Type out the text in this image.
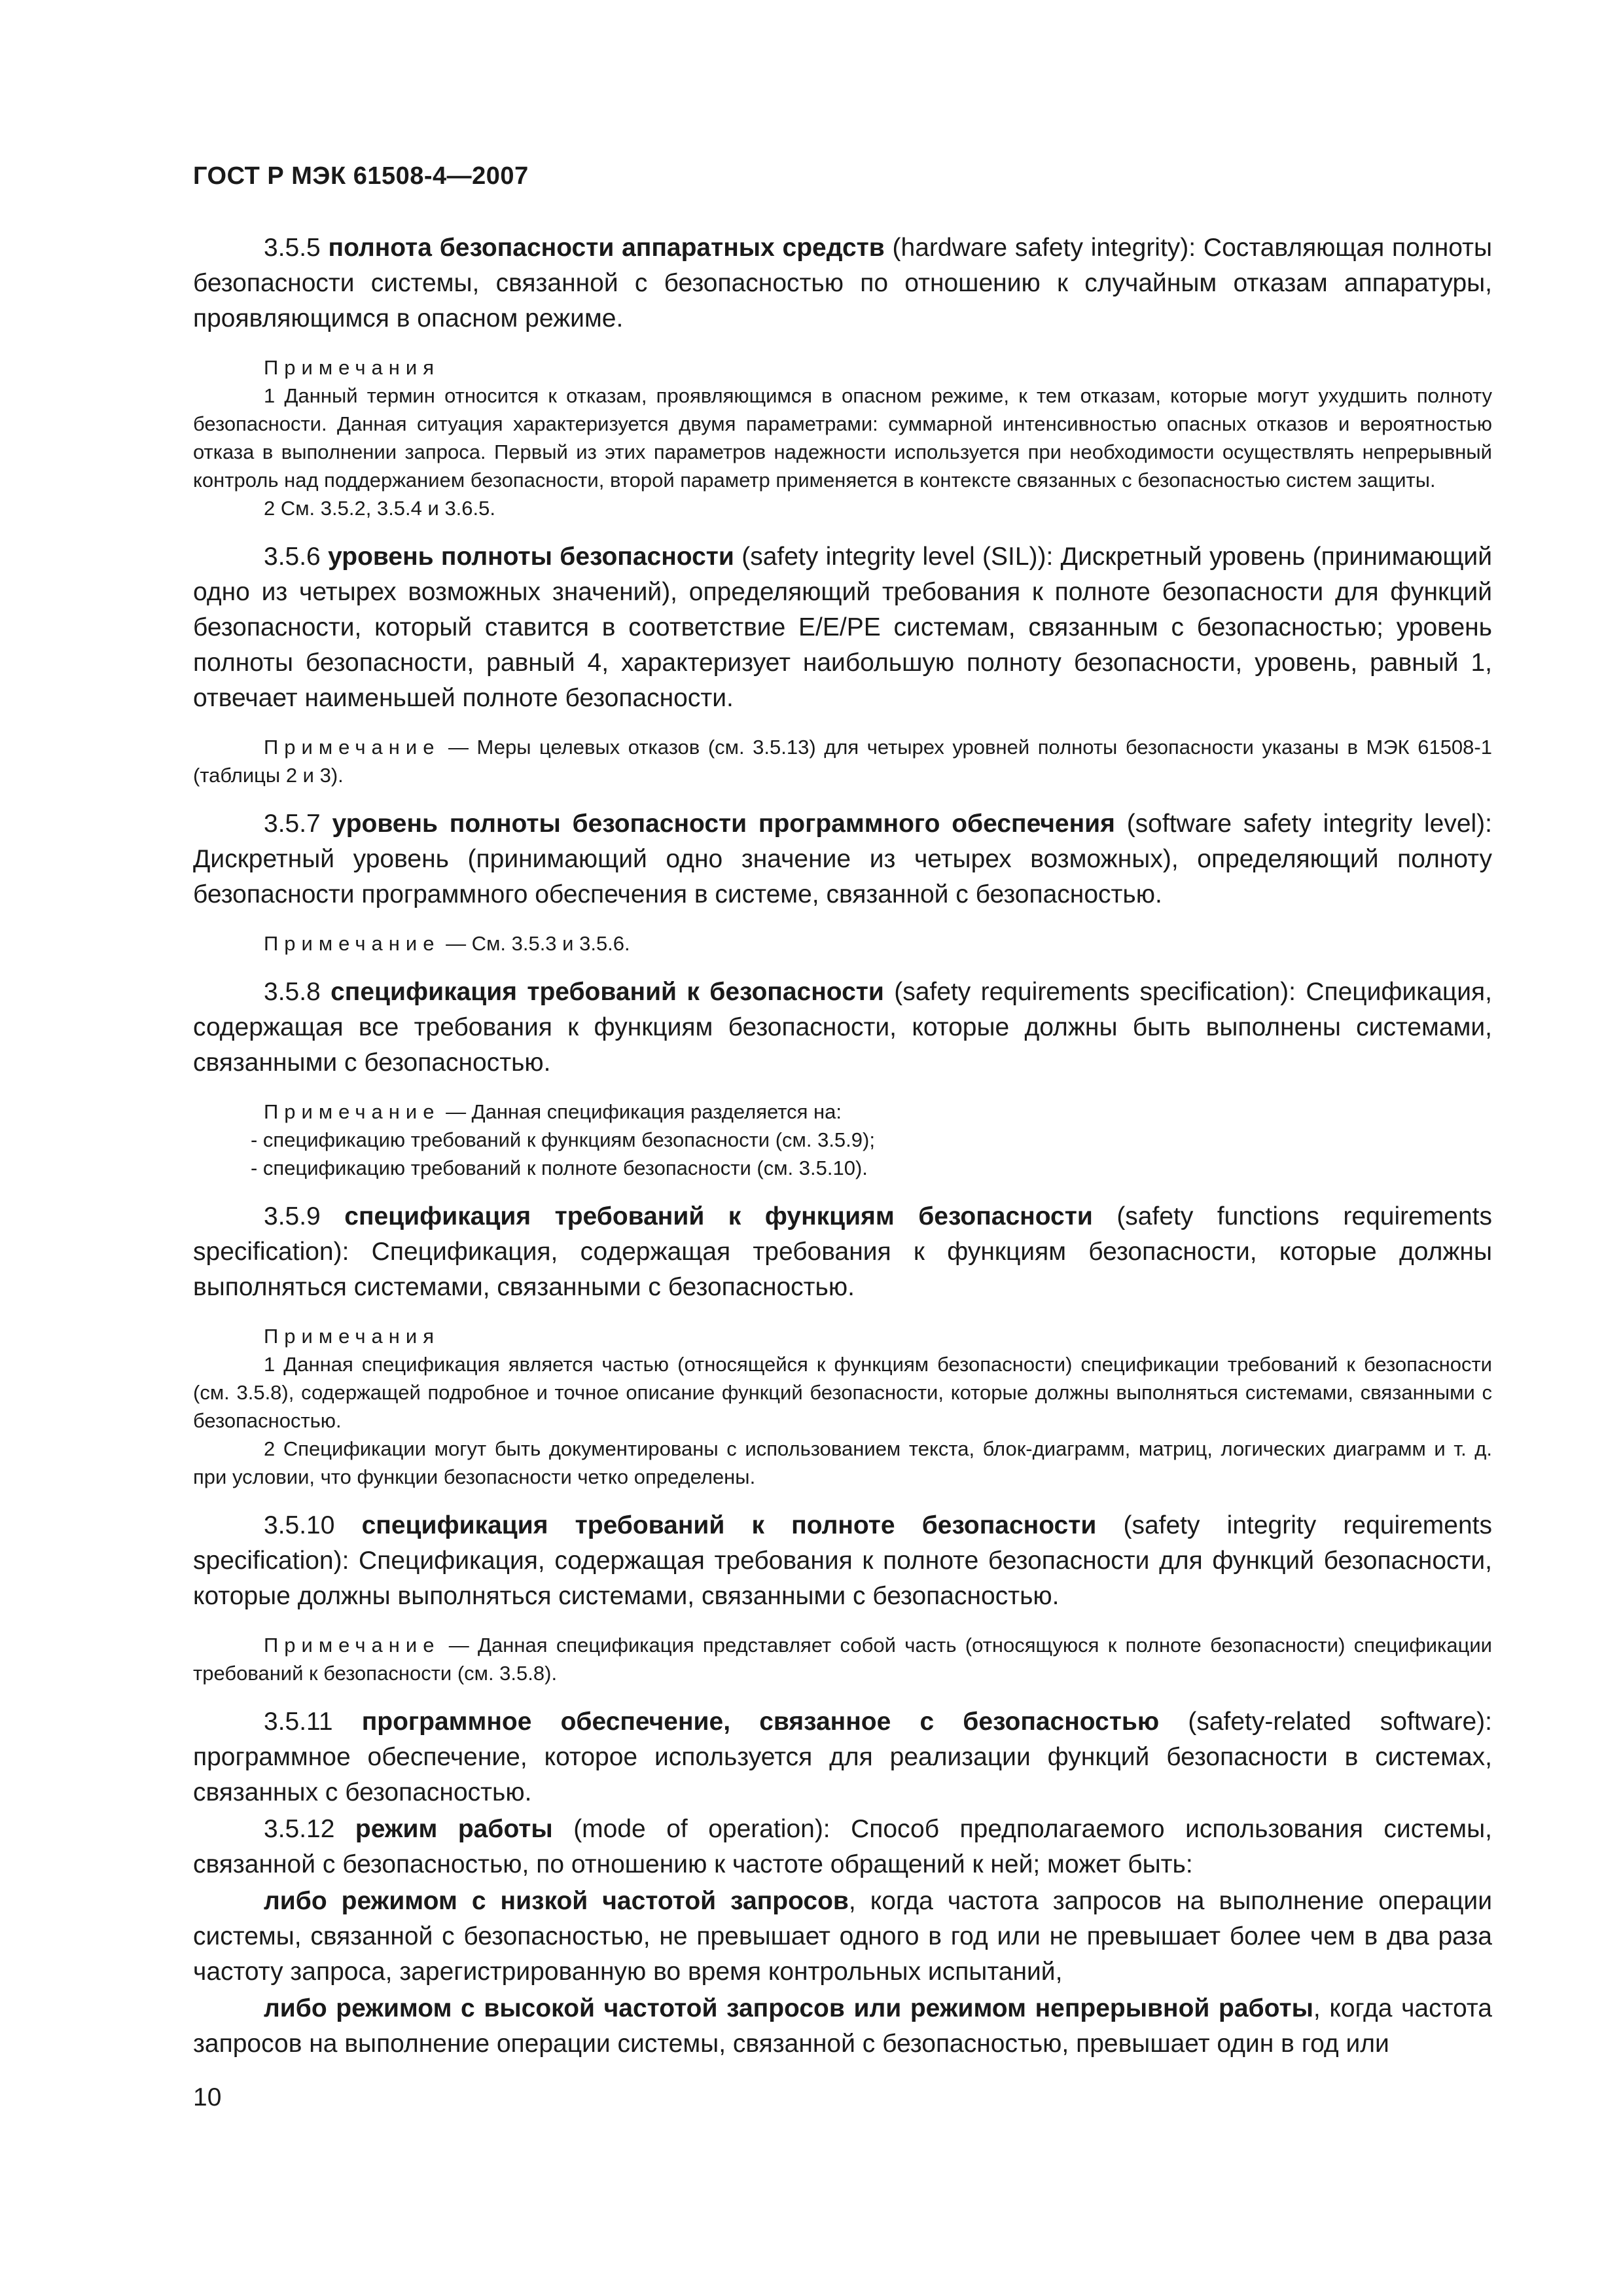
ГОСТ Р МЭК 61508-4—2007

3.5.5 полнота безопасности аппаратных средств (hardware safety integrity): Составляющая полноты безопасности системы, связанной с безопасностью по отношению к случайным отказам аппаратуры, проявляющимся в опасном режиме.

Примечания

1 Данный термин относится к отказам, проявляющимся в опасном режиме, к тем отказам, которые могут ухудшить полноту безопасности. Данная ситуация характеризуется двумя параметрами: суммарной интенсивностью опасных отказов и вероятностью отказа в выполнении запроса. Первый из этих параметров надежности используется при необходимости осуществлять непрерывный контроль над поддержанием безопасности, второй параметр применяется в контексте связанных с безопасностью систем защиты.

2 См. 3.5.2, 3.5.4 и 3.6.5.

3.5.6 уровень полноты безопасности (safety integrity level (SIL)): Дискретный уровень (принимающий одно из четырех возможных значений), определяющий требования к полноте безопасности для функций безопасности, который ставится в соответствие E/E/PE системам, связанным с безопасностью; уровень полноты безопасности, равный 4, характеризует наибольшую полноту безопасности, уровень, равный 1, отвечает наименьшей полноте безопасности.

Примечание — Меры целевых отказов (см. 3.5.13) для четырех уровней полноты безопасности указаны в МЭК 61508-1 (таблицы 2 и 3).

3.5.7 уровень полноты безопасности программного обеспечения (software safety integrity level): Дискретный уровень (принимающий одно значение из четырех возможных), определяющий полноту безопасности программного обеспечения в системе, связанной с безопасностью.

Примечание — См. 3.5.3 и 3.5.6.

3.5.8 спецификация требований к безопасности (safety requirements specification): Спецификация, содержащая все требования к функциям безопасности, которые должны быть выполнены системами, связанными с безопасностью.

Примечание — Данная спецификация разделяется на:

- спецификацию требований к функциям безопасности (см. 3.5.9);

- спецификацию требований к полноте безопасности (см. 3.5.10).

3.5.9 спецификация требований к функциям безопасности (safety functions requirements specification): Спецификация, содержащая требования к функциям безопасности, которые должны выполняться системами, связанными с безопасностью.

Примечания

1 Данная спецификация является частью (относящейся к функциям безопасности) спецификации требований к безопасности (см. 3.5.8), содержащей подробное и точное описание функций безопасности, которые должны выполняться системами, связанными с безопасностью.

2 Спецификации могут быть документированы с использованием текста, блок-диаграмм, матриц, логических диаграмм и т. д. при условии, что функции безопасности четко определены.

3.5.10 спецификация требований к полноте безопасности (safety integrity requirements specification): Спецификация, содержащая требования к полноте безопасности для функций безопасности, которые должны выполняться системами, связанными с безопасностью.

Примечание — Данная спецификация представляет собой часть (относящуюся к полноте безопасности) спецификации требований к безопасности (см. 3.5.8).

3.5.11 программное обеспечение, связанное с безопасностью (safety-related software): программное обеспечение, которое используется для реализации функций безопасности в системах, связанных с безопасностью.

3.5.12 режим работы (mode of operation): Способ предполагаемого использования системы, связанной с безопасностью, по отношению к частоте обращений к ней; может быть:

либо режимом с низкой частотой запросов, когда частота запросов на выполнение операции системы, связанной с безопасностью, не превышает одного в год или не превышает более чем в два раза частоту запроса, зарегистрированную во время контрольных испытаний,

либо режимом с высокой частотой запросов или режимом непрерывной работы, когда частота запросов на выполнение операции системы, связанной с безопасностью, превышает один в год или

10
